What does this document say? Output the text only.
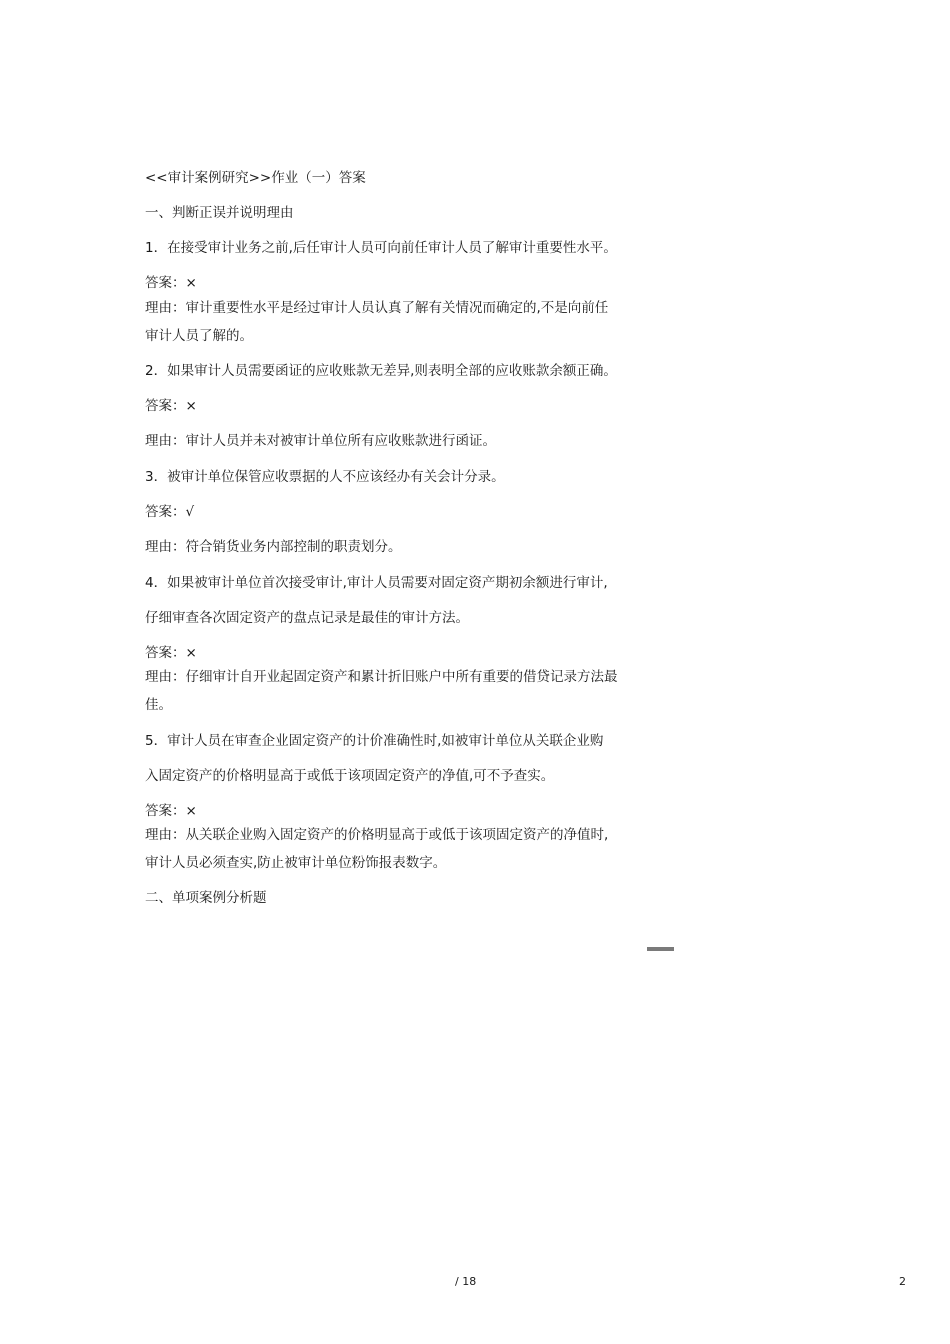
<<审计案例研究>>作业（一）答案
一、判断正误并说明理由
1．在接受审计业务之前,后任审计人员可向前任审计人员了解审计重要性水平。
答案：×
理由：审计重要性水平是经过审计人员认真了解有关情况而确定的,不是向前任
审计人员了解的。
2．如果审计人员需要函证的应收账款无差异,则表明全部的应收账款余额正确。
答案：×
理由：审计人员并未对被审计单位所有应收账款进行函证。
3．被审计单位保管应收票据的人不应该经办有关会计分录。
答案：√
理由：符合销货业务内部控制的职责划分。
4．如果被审计单位首次接受审计,审计人员需要对固定资产期初余额进行审计,
仔细审查各次固定资产的盘点记录是最佳的审计方法。
答案：×
理由：仔细审计自开业起固定资产和累计折旧账户中所有重要的借贷记录方法最
佳。
5．审计人员在审查企业固定资产的计价准确性时,如被审计单位从关联企业购
入固定资产的价格明显高于或低于该项固定资产的净值,可不予查实。
答案：×
理由：从关联企业购入固定资产的价格明显高于或低于该项固定资产的净值时,
审计人员必须查实,防止被审计单位粉饰报表数字。
二、单项案例分析题
/ 18	2
